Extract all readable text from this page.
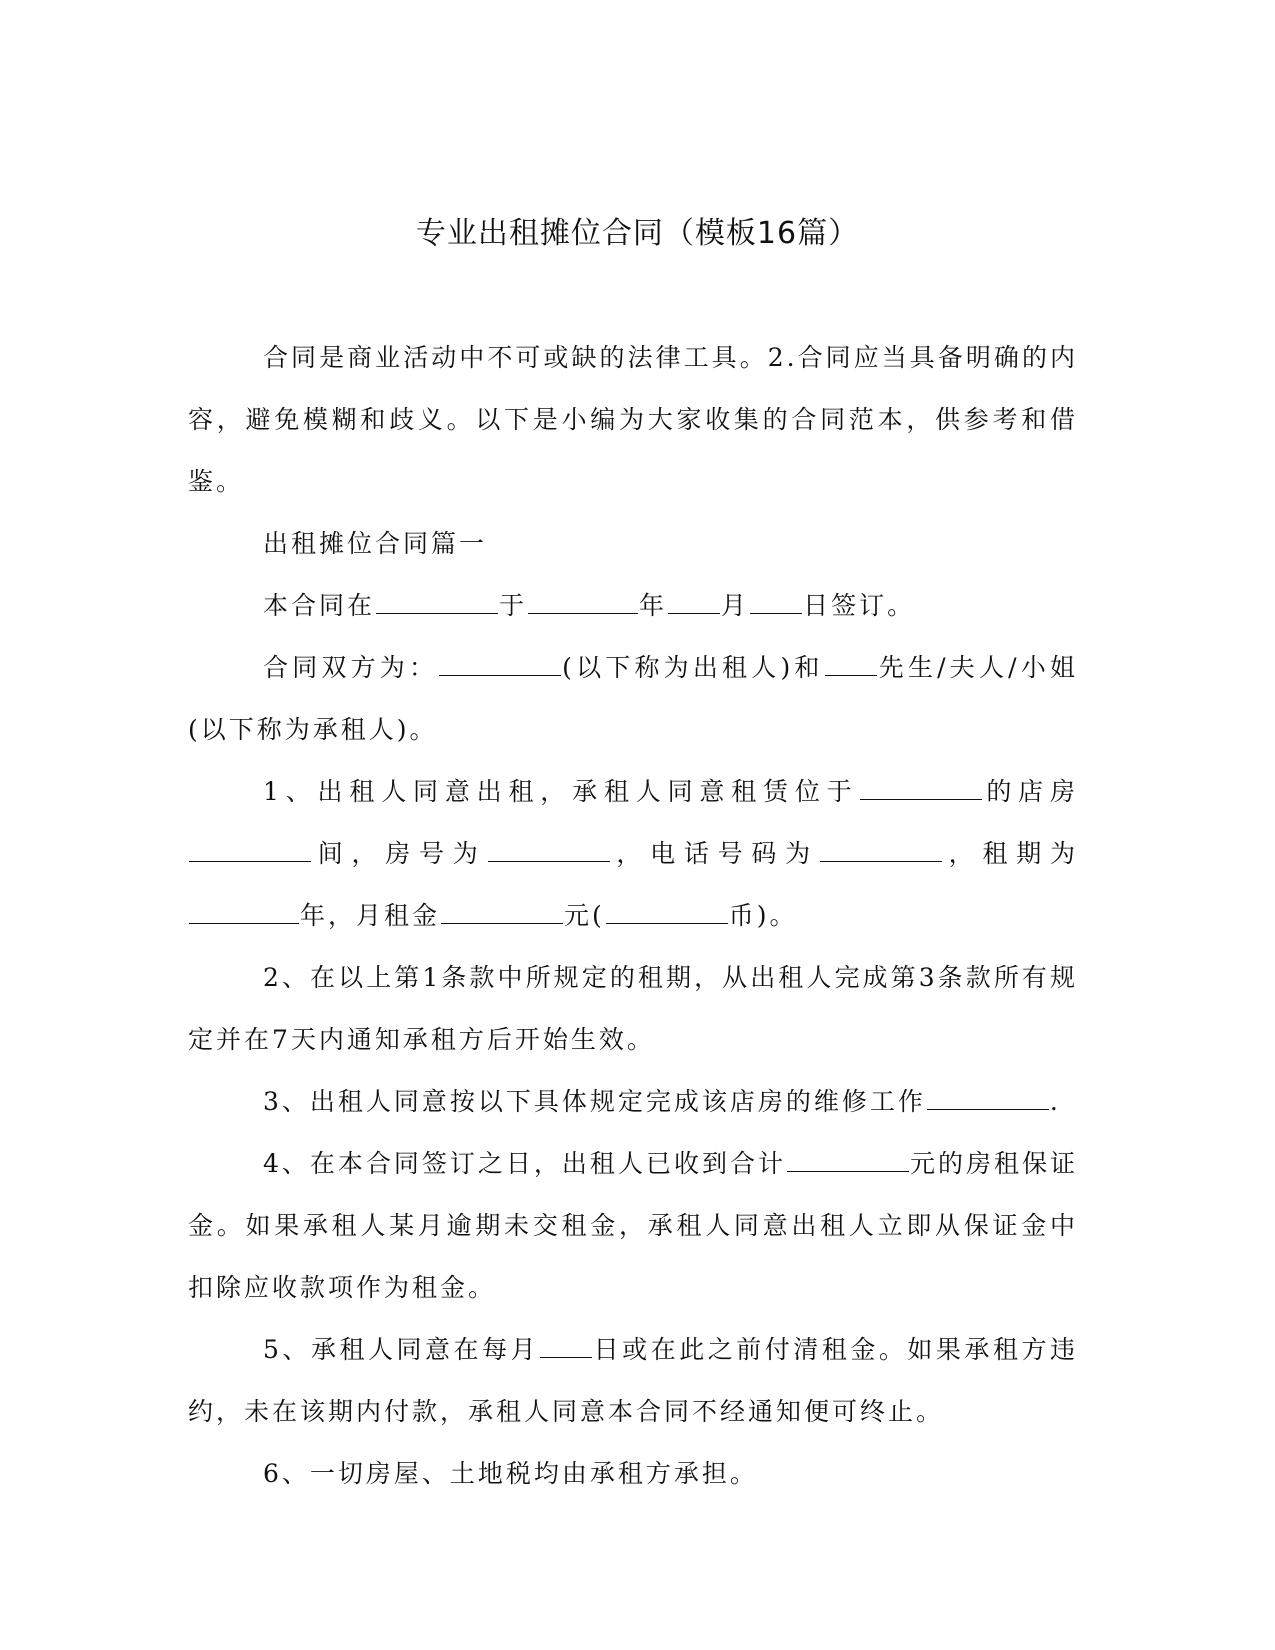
专业出租摊位合同（模板16篇）

合同是商业活动中不可或缺的法律工具。2.合同应当具备明确的内容，避免模糊和歧义。以下是小编为大家收集的合同范本，供参考和借鉴。

出租摊位合同篇一

本合同在	于	年 月 日签订。

合同双方为：	(以下称为出租人)和 先生/夫人/小姐(以下称为承租人)。

1、出租人同意出租，承租人同意租赁位于	的店房间，房号为	，电话号码为	，租期为年，月租金	元(	币)。

2、在以上第1条款中所规定的租期，从出租人完成第3条款所有规定并在7天内通知承租方后开始生效。

3、出租人同意按以下具体规定完成该店房的维修工作	.

4、在本合同签订之日，出租人已收到合计	元的房租保证金。如果承租人某月逾期未交租金，承租人同意出租人立即从保证金中扣除应收款项作为租金。

5、承租人同意在每月 日或在此之前付清租金。如果承租方违约，未在该期内付款，承租人同意本合同不经通知便可终止。

6、一切房屋、土地税均由承租方承担。
